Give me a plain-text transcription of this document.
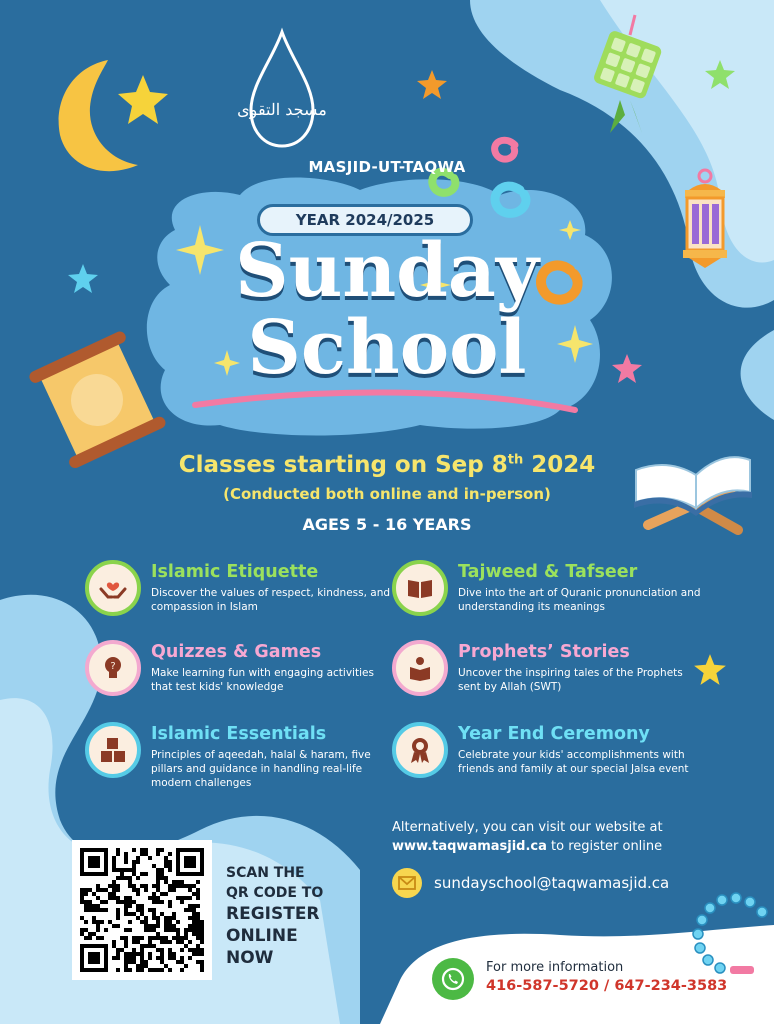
مسجد التقوى
MASJID-UT-TAQWA
YEAR 2024/2025
Sunday
School
Classes starting on Sep 8th 2024
(Conducted both online and in-person)
AGES 5 - 16 YEARS
Islamic Etiquette

Discover the values of respect, kindness, and compassion in Islam

Tajweed & Tafseer

Dive into the art of Quranic pronunciation and understanding its meanings

?
Quizzes & Games

Make learning fun with engaging activities that test kids' knowledge

Prophets’ Stories

Uncover the inspiring tales of the Prophets sent by Allah (SWT)

Islamic Essentials

Principles of aqeedah, halal & haram, five pillars and guidance in handling real-life modern challenges

Year End Ceremony

Celebrate your kids' accomplishments with friends and family at our special Jalsa event

Alternatively, you can visit our website at
www.taqwamasjid.ca to register online
sundayschool@taqwamasjid.ca
SCAN THE
QR CODE TO
REGISTER
ONLINE
NOW	For more information
416-587-5720 / 647-234-3583
